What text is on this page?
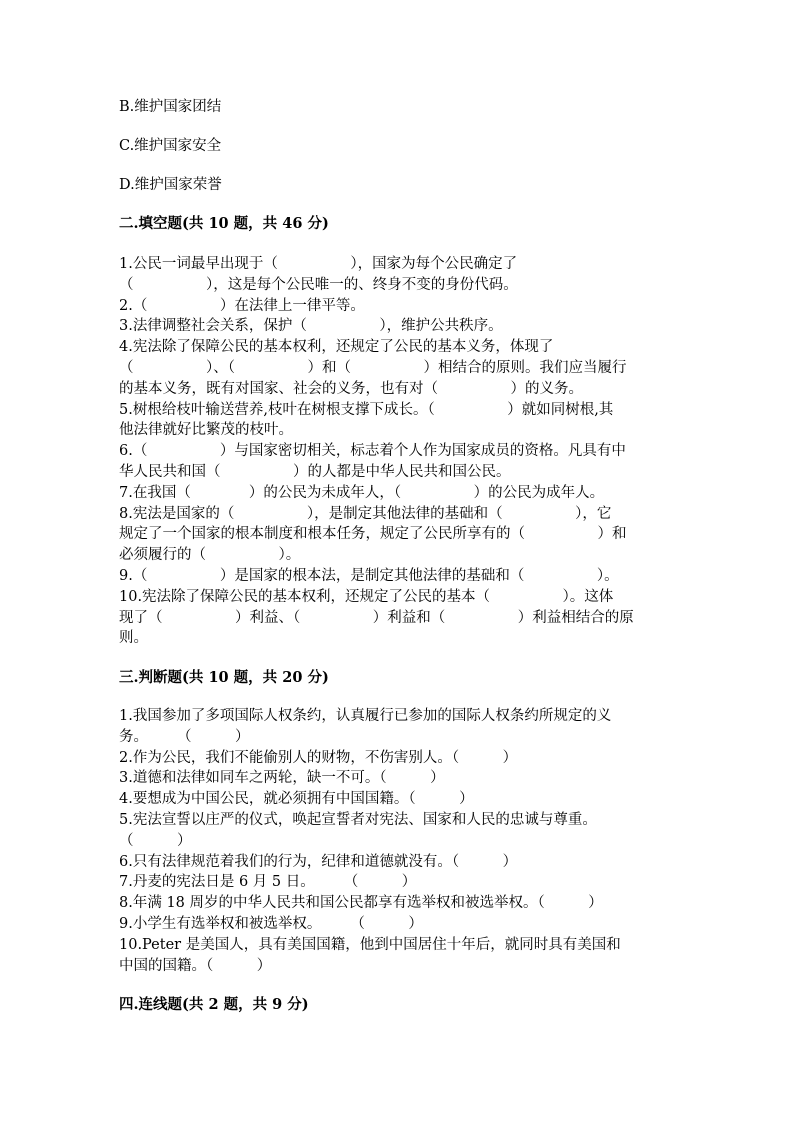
B.维护国家团结
C.维护国家安全
D.维护国家荣誉
二.填空题(共 10 题，共 46 分)
1.公民一词最早出现于（　　　　　），国家为每个公民确定了
（　　　　　），这是每个公民唯一的、终身不变的身份代码。
2.（　　　　　）在法律上一律平等。
3.法律调整社会关系，保护（　　　　　），维护公共秩序。
4.宪法除了保障公民的基本权利，还规定了公民的基本义务，体现了
（　　　　　）、（　　　　　）和（　　　　　）相结合的原则。我们应当履行
的基本义务，既有对国家、社会的义务，也有对（　　　　　）的义务。
5.树根给枝叶输送营养,枝叶在树根支撑下成长。（　　　　　）就如同树根,其
他法律就好比繁茂的枝叶。
6.（　　　　　）与国家密切相关，标志着个人作为国家成员的资格。凡具有中
华人民共和国（　　　　　）的人都是中华人民共和国公民。
7.在我国（　　　　）的公民为未成年人，（　　　　　）的公民为成年人。
8.宪法是国家的（　　　　　），是制定其他法律的基础和（　　　　　），它
规定了一个国家的根本制度和根本任务，规定了公民所享有的（　　　　　）和
必须履行的（　　　　　）。
9.（　　　　　）是国家的根本法，是制定其他法律的基础和（　　　　　）。
10.宪法除了保障公民的基本权利，还规定了公民的基本（　　　　　）。这体
现了（　　　　　）利益、（　　　　　）利益和（　　　　　）利益相结合的原
则。
三.判断题(共 10 题，共 20 分)
1.我国参加了多项国际人权条约，认真履行已参加的国际人权条约所规定的义
务。　　　（　　　）
2.作为公民，我们不能偷别人的财物，不伤害别人。（　　　）
3.道德和法律如同车之两轮，缺一不可。（　　　）
4.要想成为中国公民，就必须拥有中国国籍。（　　　）
5.宪法宣誓以庄严的仪式，唤起宣誓者对宪法、国家和人民的忠诚与尊重。
（　　　）
6.只有法律规范着我们的行为，纪律和道德就没有。（　　　）
7.丹麦的宪法日是 6 月 5 日。　　　（　　　）
8.年满 18 周岁的中华人民共和国公民都享有选举权和被选举权。（　　　）
9.小学生有选举权和被选举权。　　　（　　　）
10.Peter 是美国人，具有美国国籍，他到中国居住十年后，就同时具有美国和
中国的国籍。（　　　）
四.连线题(共 2 题，共 9 分)
